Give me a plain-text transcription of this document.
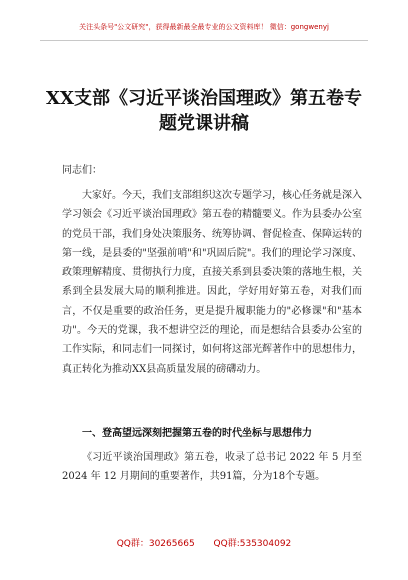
关注头条号"公文研究"，获得最新最全最专业的公文资料库！ 微信：gongwenyj
XX支部《习近平谈治国理政》第五卷专题党课讲稿
同志们：
大家好。今天，我们支部组织这次专题学习，核心任务就是深入学习领会《习近平谈治国理政》第五卷的精髓要义。作为县委办公室的党员干部，我们身处决策服务、统筹协调、督促检查、保障运转的第一线，是县委的"坚强前哨"和"巩固后院"。我们的理论学习深度、政策理解精度、贯彻执行力度，直接关系到县委决策的落地生根，关系到全县发展大局的顺利推进。因此，学好用好第五卷，对我们而言，不仅是重要的政治任务，更是提升履职能力的"必修课"和"基本功"。今天的党课，我不想讲空泛的理论，而是想结合县委办公室的工作实际，和同志们一同探讨，如何将这部光辉著作中的思想伟力，真正转化为推动XX县高质量发展的磅礴动力。
一、登高望远深刻把握第五卷的时代坐标与思想伟力
《习近平谈治国理政》第五卷，收录了总书记 2022 年 5 月至 2024 年 12 月期间的重要著作，共91篇，分为18个专题。
QQ群：30265665 QQ群:535304092
